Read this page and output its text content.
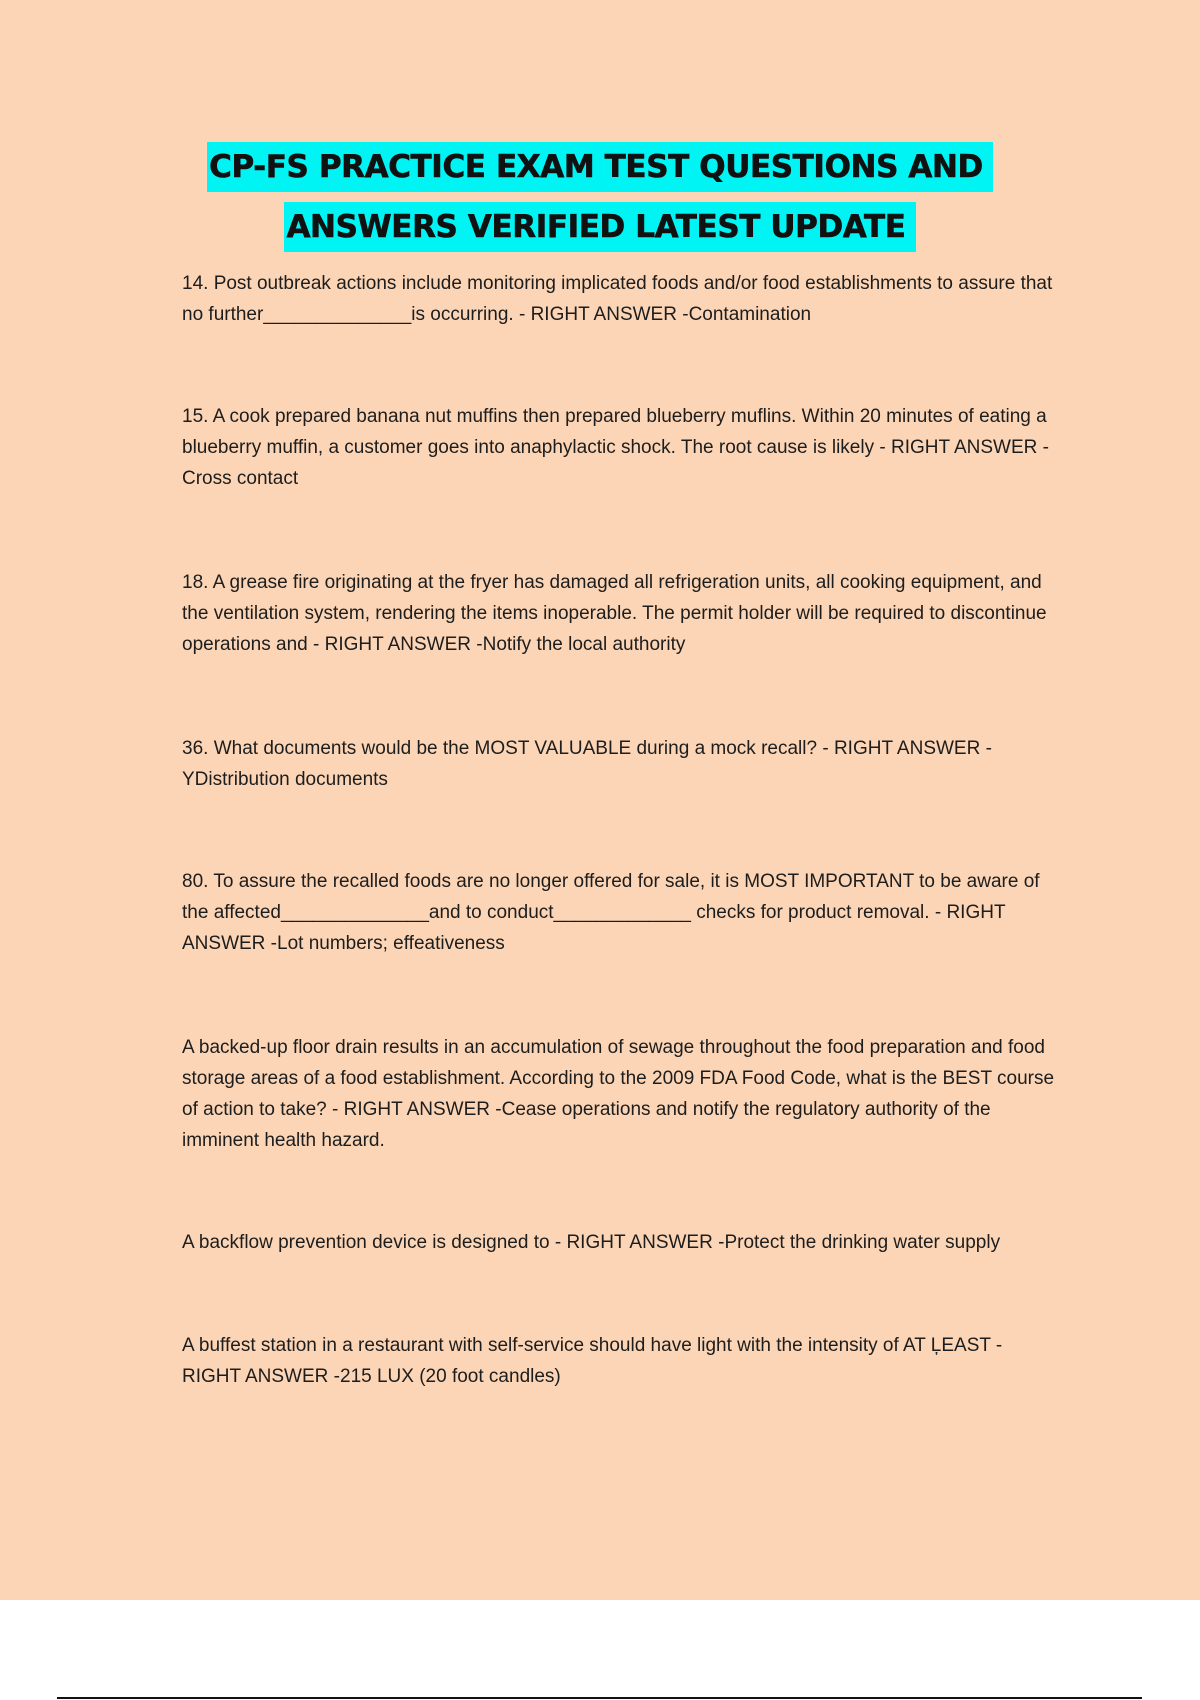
CP-FS PRACTICE EXAM TEST QUESTIONS AND
ANSWERS VERIFIED LATEST UPDATE

14. Post outbreak actions include monitoring implicated foods and/or food establishments to assure that no further______________is occurring. - RIGHT ANSWER -Contamination

15. A cook prepared banana nut muffins then prepared blueberry muflins. Within 20 minutes of eating a blueberry muffin, a customer goes into anaphylactic shock. The root cause is likely - RIGHT ANSWER -Cross contact

18. A grease fire originating at the fryer has damaged all refrigeration units, all cooking equipment, and the ventilation system, rendering the items inoperable. The permit holder will be required to discontinue operations and - RIGHT ANSWER -Notify the local authority

36. What documents would be the MOST VALUABLE during a mock recall? - RIGHT ANSWER -YDistribution documents

80. To assure the recalled foods are no longer offered for sale, it is MOST IMPORTANT to be aware of the affected______________and to conduct_____________ checks for product removal. - RIGHT ANSWER -Lot numbers; effeativeness

A backed-up floor drain results in an accumulation of sewage throughout the food preparation and food storage areas of a food establishment. According to the 2009 FDA Food Code, what is the BEST course of action to take? - RIGHT ANSWER -Cease operations and notify the regulatory authority of the imminent health hazard.

A backflow prevention device is designed to - RIGHT ANSWER -Protect the drinking water supply

A buffest station in a restaurant with self-service should have light with the intensity of AT ĻEAST - RIGHT ANSWER -215 LUX (20 foot candles)
